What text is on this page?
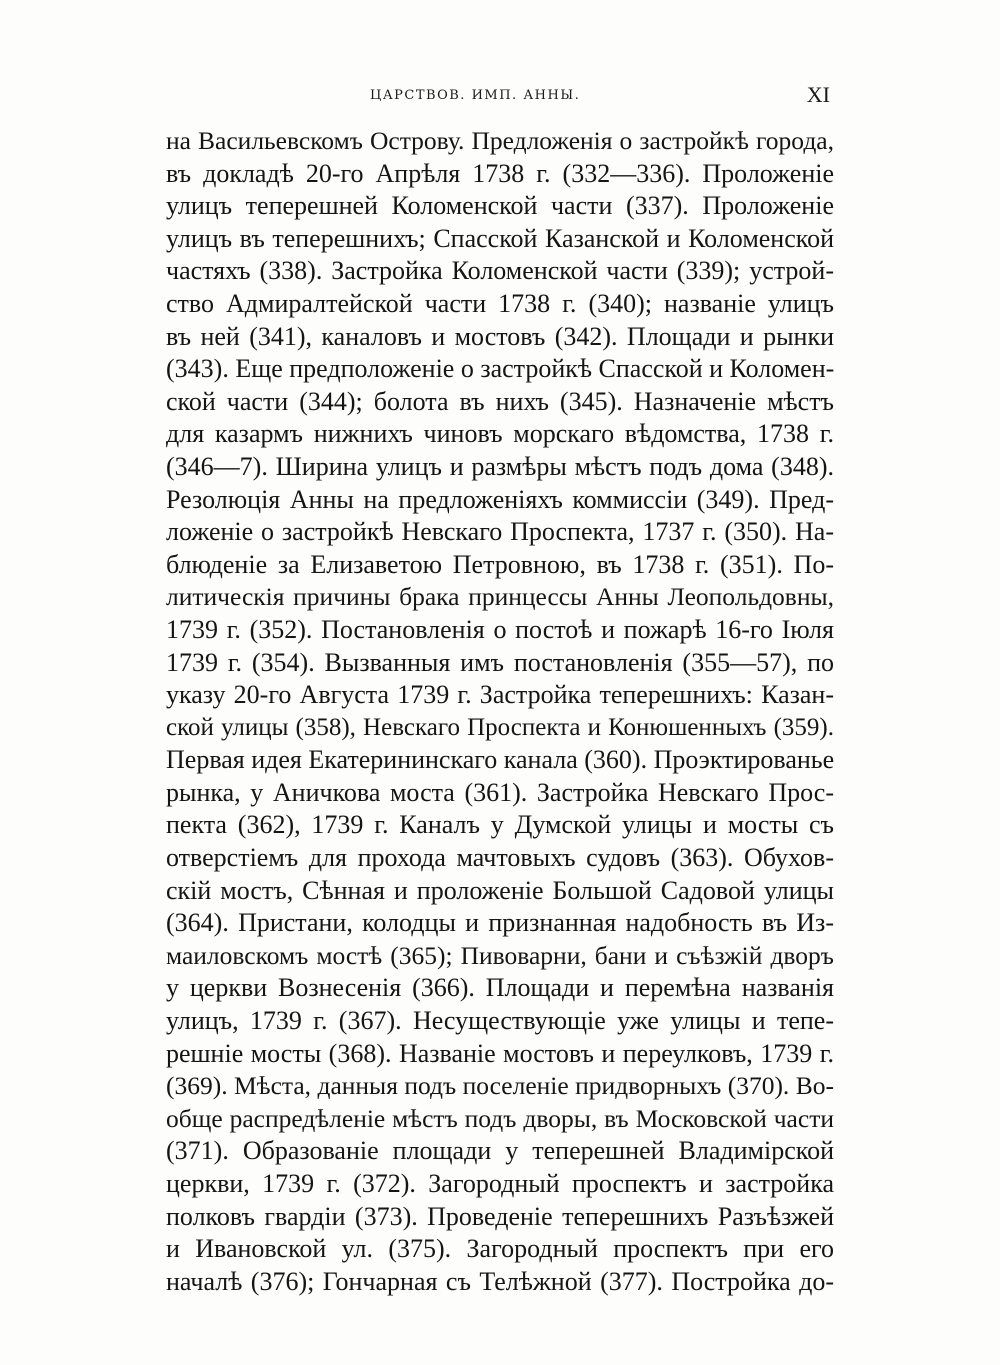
ЦАРСТВОВ. ИМП. АННЫ.	XI
на Васильевскомъ Острову. Предложенія о застройкѣ города,
въ докладѣ 20-го Апрѣля 1738 г. (332—336). Проложеніе
улицъ теперешней Коломенской части (337). Проложеніе
улицъ въ теперешнихъ; Спасской Казанской и Коломенской
частяхъ (338). Застройка Коломенской части (339); устрой-
ство Адмиралтейской части 1738 г. (340); названіе улицъ
въ ней (341), каналовъ и мостовъ (342). Площади и рынки
(343). Еще предположеніе о застройкѣ Спасской и Коломен-
ской части (344); болота въ нихъ (345). Назначеніе мѣстъ
для казармъ нижнихъ чиновъ морскаго вѣдомства, 1738 г.
(346—7). Ширина улицъ и размѣры мѣстъ подъ дома (348).
Резолюція Анны на предложеніяхъ коммиссіи (349). Пред-
ложеніе о застройкѣ Невскаго Проспекта, 1737 г. (350). На-
блюденіе за Елизаветою Петровною, въ 1738 г. (351). По-
литическія причины брака принцессы Анны Леопольдовны,
1739 г. (352). Постановленія о постоѣ и пожарѣ 16-го Іюля
1739 г. (354). Вызванныя имъ постановленія (355—57), по
указу 20-го Августа 1739 г. Застройка теперешнихъ: Казан-
ской улицы (358), Невскаго Проспекта и Конюшенныхъ (359).
Первая идея Екатерининскаго канала (360). Проэктированье
рынка, у Аничкова моста (361). Застройка Невскаго Прос-
пекта (362), 1739 г. Каналъ у Думской улицы и мосты съ
отверстіемъ для прохода мачтовыхъ судовъ (363). Обухов-
скій мостъ, Сѣнная и проложеніе Большой Садовой улицы
(364). Пристани, колодцы и признанная надобность въ Из-
маиловскомъ мостѣ (365); Пивоварни, бани и съѣзжій дворъ
у церкви Вознесенія (366). Площади и перемѣна названія
улицъ, 1739 г. (367). Несуществующіе уже улицы и тепе-
решніе мосты (368). Названіе мостовъ и переулковъ, 1739 г.
(369). Мѣста, данныя подъ поселеніе придворныхъ (370). Во-
обще распредѣленіе мѣстъ подъ дворы, въ Московской части
(371). Образованіе площади у теперешней Владимірской
церкви, 1739 г. (372). Загородный проспектъ и застройка
полковъ гвардіи (373). Проведеніе теперешнихъ Разъѣзжей
и Ивановской ул. (375). Загородный проспектъ при его
началѣ (376); Гончарная съ Телѣжной (377). Постройка до-
